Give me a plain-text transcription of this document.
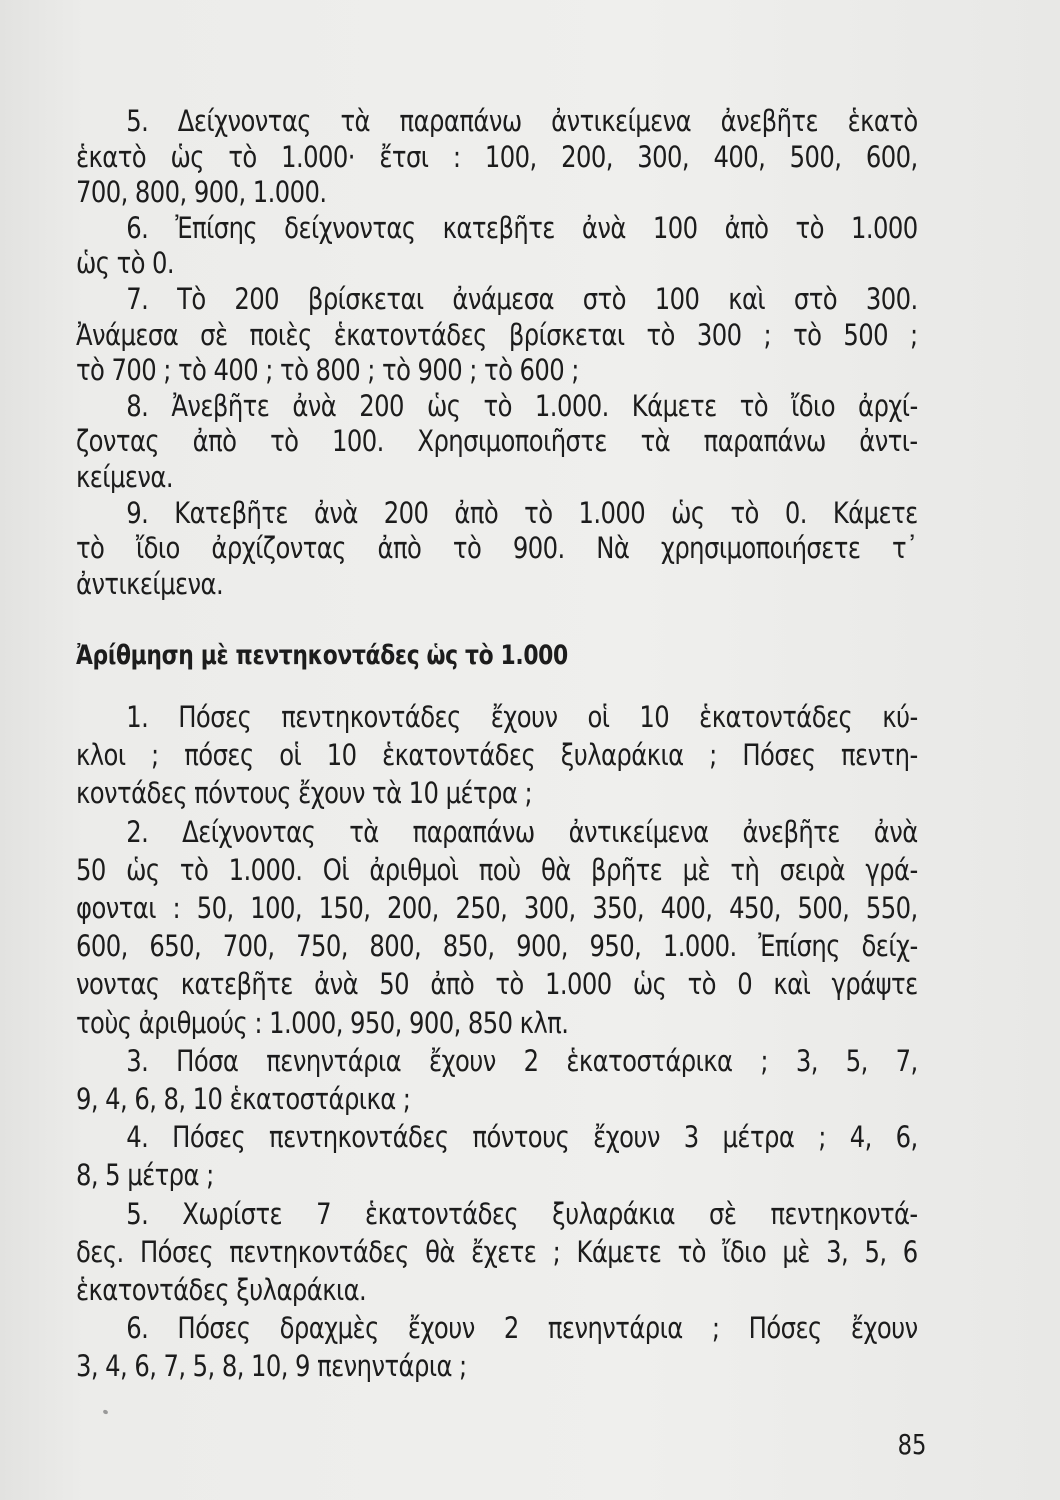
5. Δείχνοντας τὰ παραπάνω ἀντικείμενα ἀνεβῆτε ἑκατὸ
ἑκατὸ ὡς τὸ 1.000· ἔτσι : 100, 200, 300, 400, 500, 600,
700, 800, 900, 1.000.
6. Ἐπίσης δείχνοντας κατεβῆτε ἀνὰ 100 ἀπὸ τὸ 1.000
ὡς τὸ 0.
7. Τὸ 200 βρίσκεται ἀνάμεσα στὸ 100 καὶ στὸ 300.
Ἀνάμεσα σὲ ποιὲς ἑκατοντάδες βρίσκεται τὸ 300 ; τὸ 500 ;
τὸ 700 ; τὸ 400 ; τὸ 800 ; τὸ 900 ; τὸ 600 ;
8. Ἀνεβῆτε ἀνὰ 200 ὡς τὸ 1.000. Κάμετε τὸ ἴδιο ἀρχί-
ζοντας ἀπὸ τὸ 100. Χρησιμοποιῆστε τὰ παραπάνω ἀντι-
κείμενα.
9. Κατεβῆτε ἀνὰ 200 ἀπὸ τὸ 1.000 ὡς τὸ 0. Κάμετε
τὸ ἴδιο ἀρχίζοντας ἀπὸ τὸ 900. Νὰ χρησιμοποιήσετε τ᾿
ἀντικείμενα.
Ἀρίθμηση μὲ πεντηκοντάδες ὡς τὸ 1.000
1. Πόσες πεντηκοντάδες ἔχουν οἱ 10 ἑκατοντάδες κύ-
κλοι ; πόσες οἱ 10 ἑκατοντάδες ξυλαράκια ; Πόσες πεντη-
κοντάδες πόντους ἔχουν τὰ 10 μέτρα ;
2. Δείχνοντας τὰ παραπάνω ἀντικείμενα ἀνεβῆτε ἀνὰ
50 ὡς τὸ 1.000. Οἱ ἀριθμοὶ ποὺ θὰ βρῆτε μὲ τὴ σειρὰ γρά-
φονται : 50, 100, 150, 200, 250, 300, 350, 400, 450, 500, 550,
600, 650, 700, 750, 800, 850, 900, 950, 1.000. Ἐπίσης δείχ-
νοντας κατεβῆτε ἀνὰ 50 ἀπὸ τὸ 1.000 ὡς τὸ 0 καὶ γράψτε
τοὺς ἀριθμούς : 1.000, 950, 900, 850 κλπ.
3. Πόσα πενηντάρια ἔχουν 2 ἑκατοστάρικα ; 3, 5, 7,
9, 4, 6, 8, 10 ἑκατοστάρικα ;
4. Πόσες πεντηκοντάδες πόντους ἔχουν 3 μέτρα ; 4, 6,
8, 5 μέτρα ;
5. Χωρίστε 7 ἑκατοντάδες ξυλαράκια σὲ πεντηκοντά-
δες. Πόσες πεντηκοντάδες θὰ ἔχετε ; Κάμετε τὸ ἴδιο μὲ 3, 5, 6
ἑκατοντάδες ξυλαράκια.
6. Πόσες δραχμὲς ἔχουν 2 πενηντάρια ; Πόσες ἔχουν
3, 4, 6, 7, 5, 8, 10, 9 πενηντάρια ;
85
